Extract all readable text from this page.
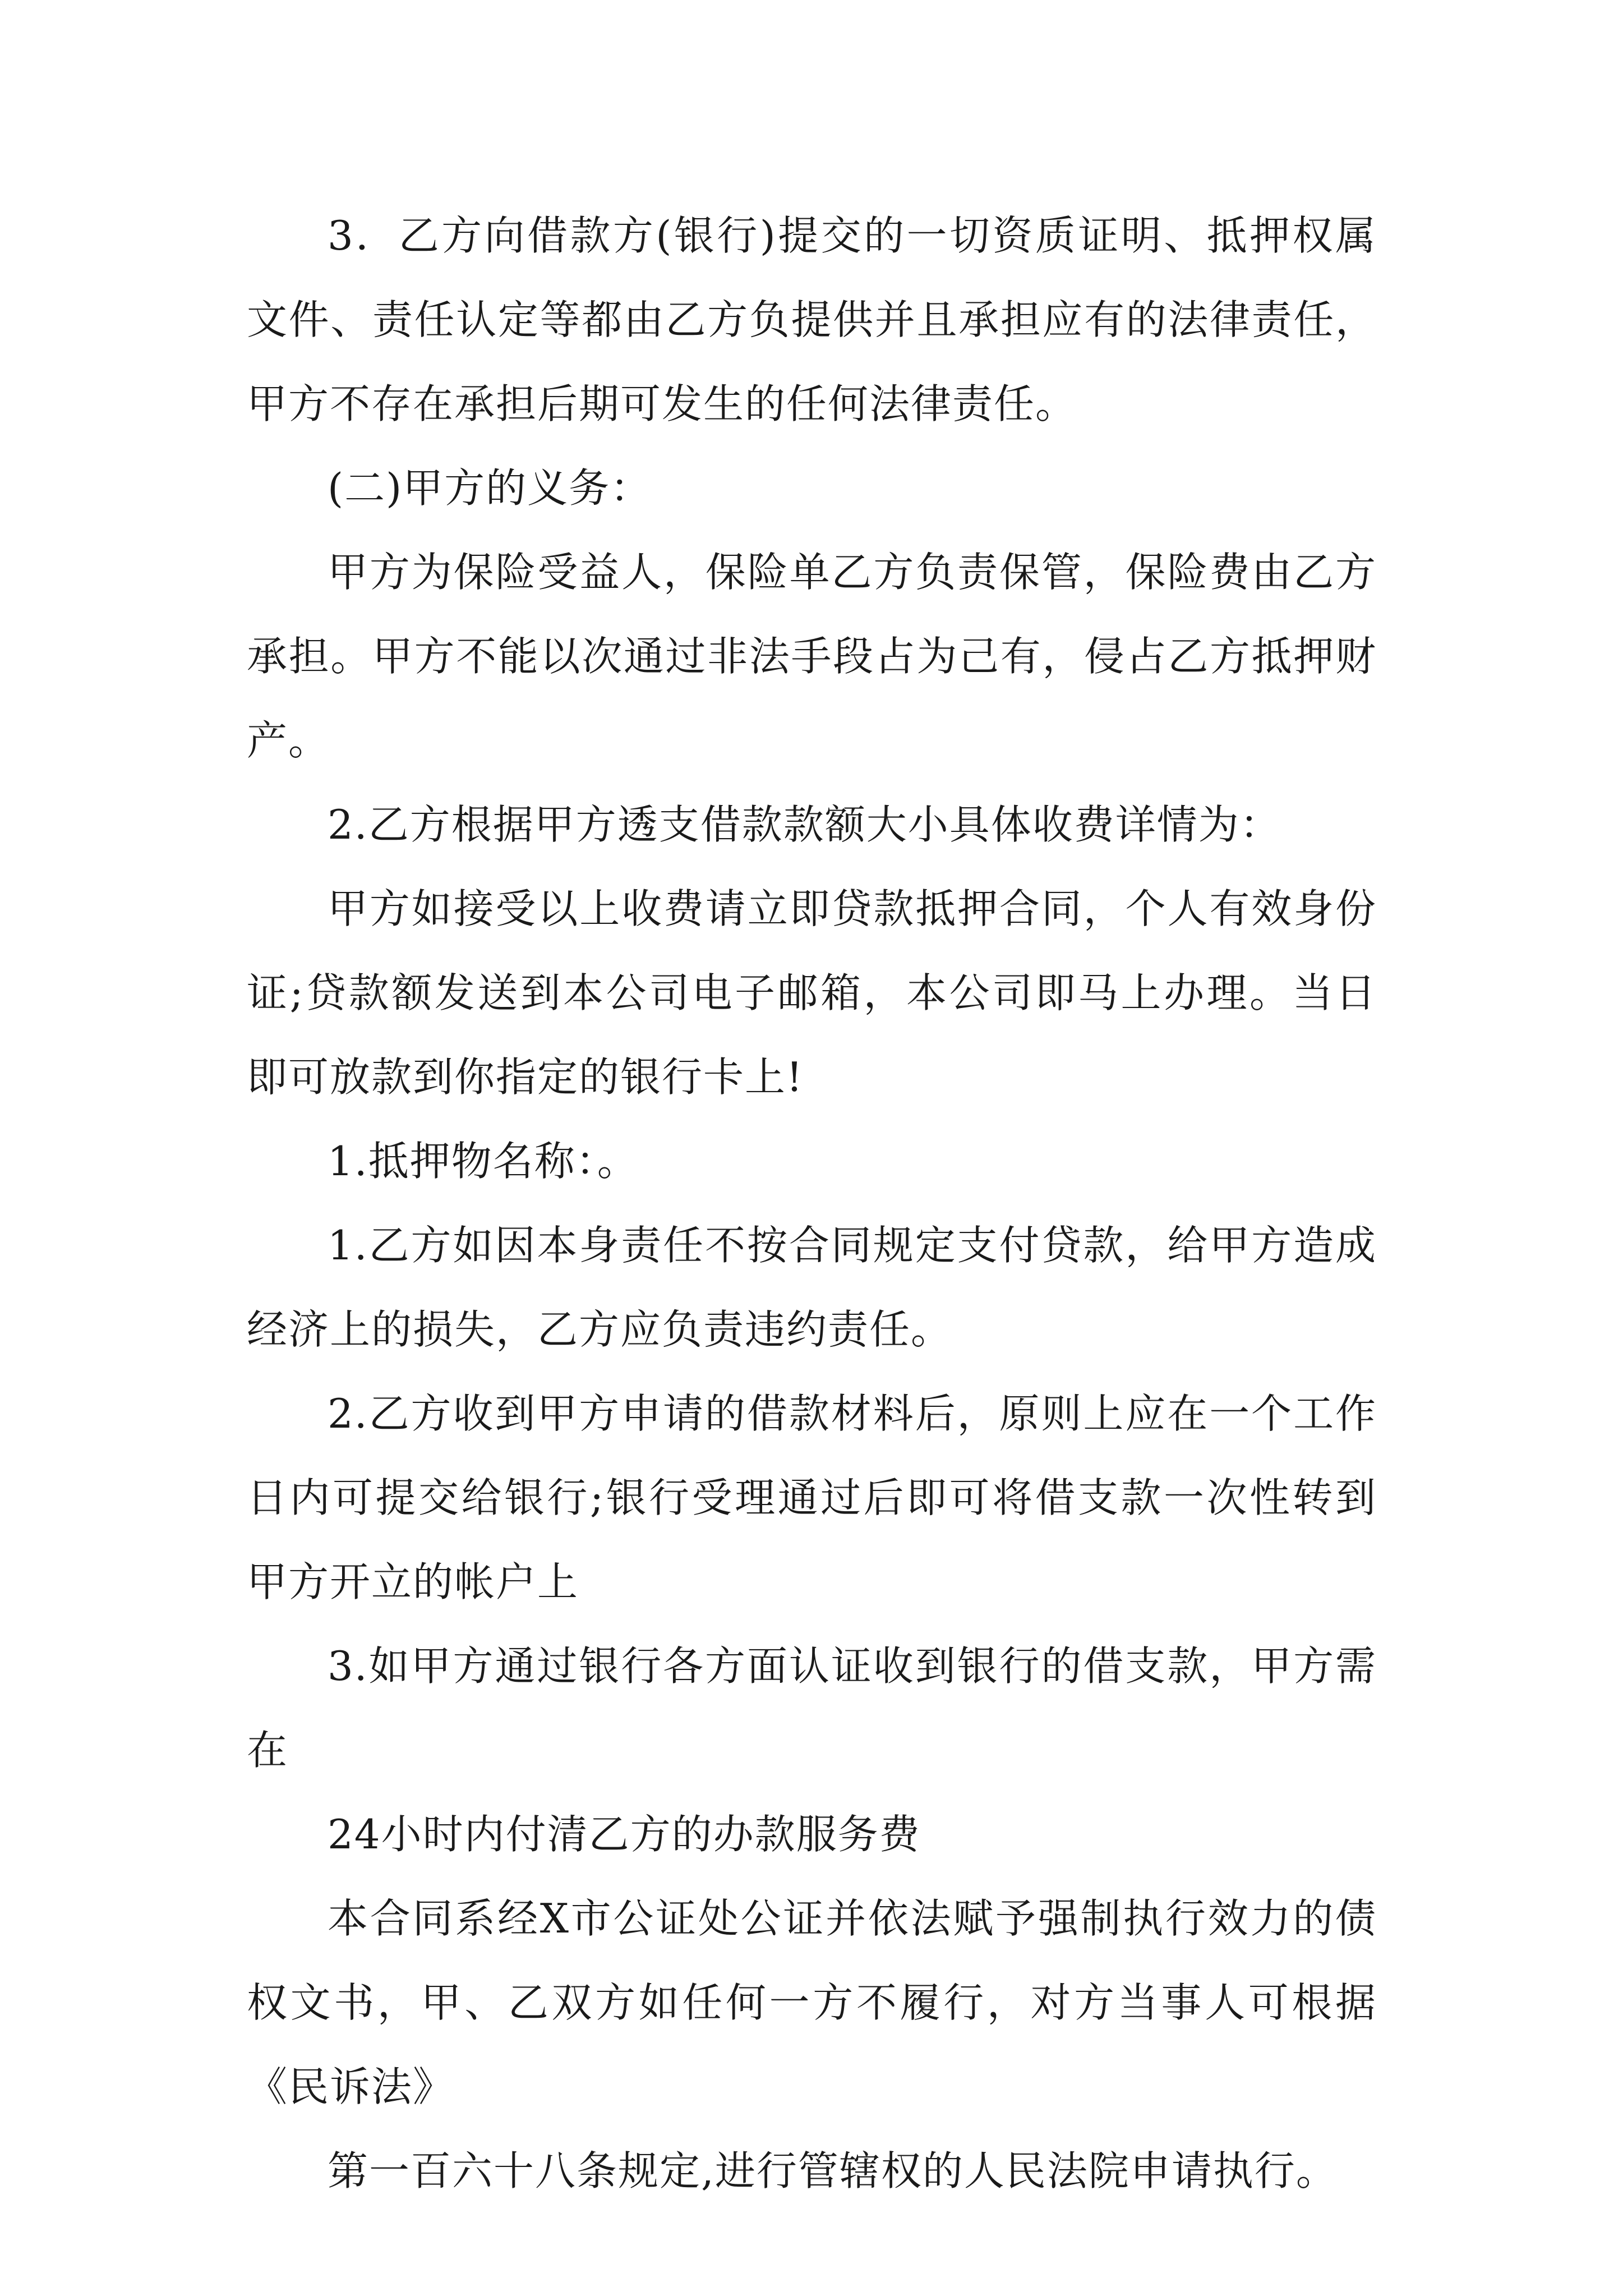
3．乙方向借款方(银行)提交的一切资质证明、抵押权属文件、责任认定等都由乙方负提供并且承担应有的法律责任，甲方不存在承担后期可发生的任何法律责任。

(二)甲方的义务：

甲方为保险受益人，保险单乙方负责保管，保险费由乙方承担。甲方不能以次通过非法手段占为己有，侵占乙方抵押财产。

2.乙方根据甲方透支借款款额大小具体收费详情为：

甲方如接受以上收费请立即贷款抵押合同，个人有效身份证;贷款额发送到本公司电子邮箱，本公司即马上办理。当日即可放款到你指定的银行卡上!

1.抵押物名称：。

1.乙方如因本身责任不按合同规定支付贷款，给甲方造成经济上的损失，乙方应负责违约责任。

2.乙方收到甲方申请的借款材料后，原则上应在一个工作日内可提交给银行;银行受理通过后即可将借支款一次性转到甲方开立的帐户上

3.如甲方通过银行各方面认证收到银行的借支款，甲方需在

24小时内付清乙方的办款服务费

本合同系经X市公证处公证并依法赋予强制执行效力的债权文书，甲、乙双方如任何一方不履行，对方当事人可根据《民诉法》

第一百六十八条规定,进行管辖权的人民法院申请执行。
